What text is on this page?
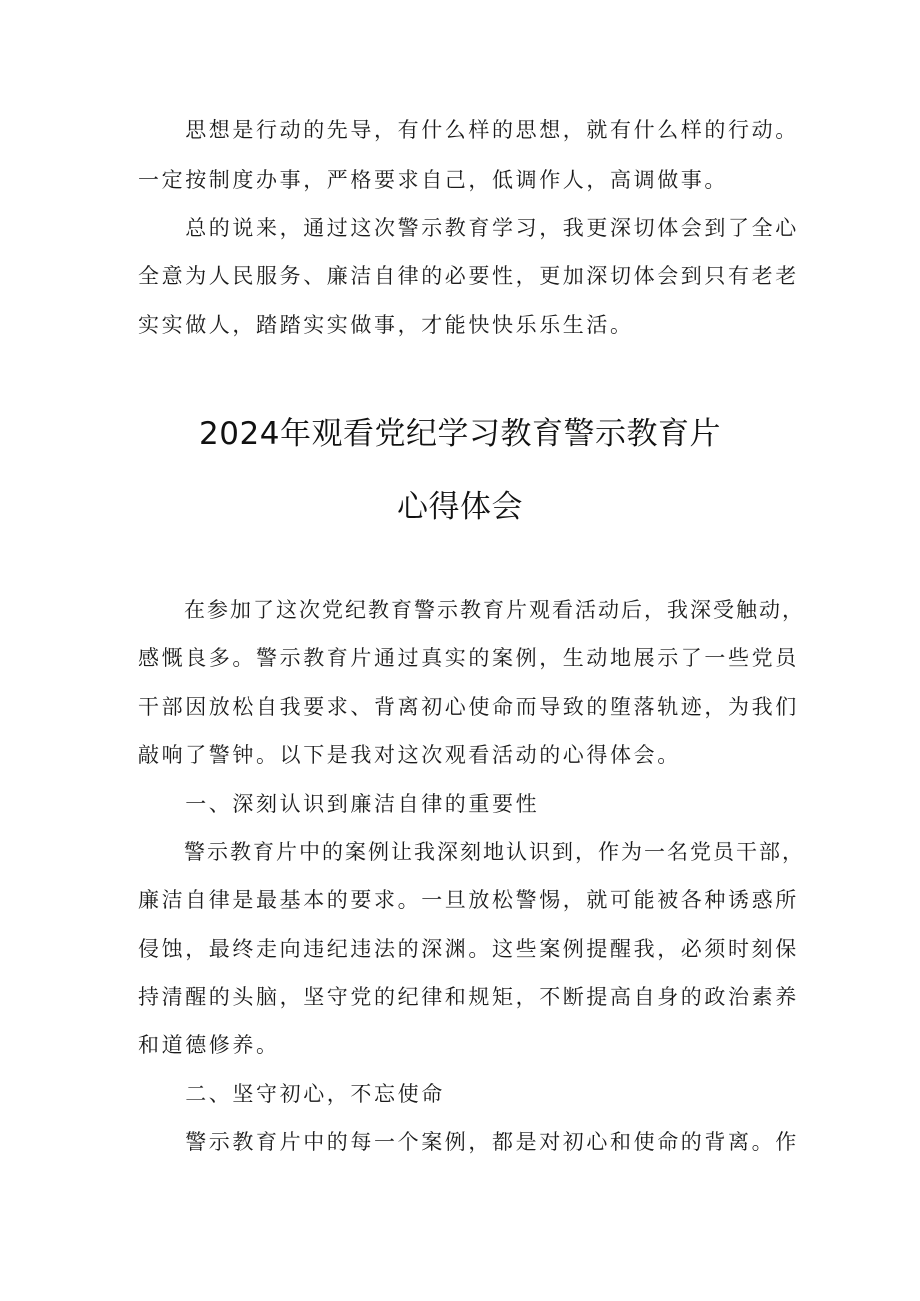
　　思想是行动的先导，有什么样的思想，就有什么样的行动。
一定按制度办事，严格要求自己，低调作人，高调做事。
　　总的说来，通过这次警示教育学习，我更深切体会到了全心
全意为人民服务、廉洁自律的必要性，更加深切体会到只有老老
实实做人，踏踏实实做事，才能快快乐乐生活。
2024年观看党纪学习教育警示教育片
心得体会
　　在参加了这次党纪教育警示教育片观看活动后，我深受触动，
感慨良多。警示教育片通过真实的案例，生动地展示了一些党员
干部因放松自我要求、背离初心使命而导致的堕落轨迹，为我们
敲响了警钟。以下是我对这次观看活动的心得体会。
　　一、深刻认识到廉洁自律的重要性
　　警示教育片中的案例让我深刻地认识到，作为一名党员干部，
廉洁自律是最基本的要求。一旦放松警惕，就可能被各种诱惑所
侵蚀，最终走向违纪违法的深渊。这些案例提醒我，必须时刻保
持清醒的头脑，坚守党的纪律和规矩，不断提高自身的政治素养
和道德修养。
　　二、坚守初心，不忘使命
　　警示教育片中的每一个案例，都是对初心和使命的背离。作
